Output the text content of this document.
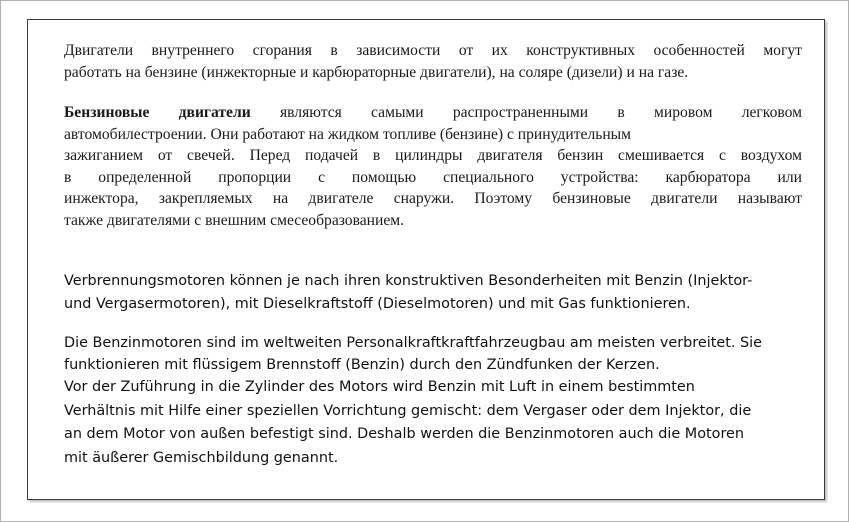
Двигатели внутреннего сгорания в зависимости от их конструктивных особенностей могут
работать на бензине (инжекторные и карбюраторные двигатели), на соляре (дизели) и на газе.
Бензиновые двигатели являются самыми распространенными в мировом легковом
автомобилестроении. Они работают на жидком топливе (бензине) с принудительным
зажиганием от свечей. Перед подачей в цилиндры двигателя бензин смешивается с воздухом
в определенной пропорции с помощью специального устройства: карбюратора или
инжектора, закрепляемых на двигателе снаружи. Поэтому бензиновые двигатели называют
также двигателями с внешним смесеобразованием.
Verbrennungsmotoren können je nach ihren konstruktiven Besonderheiten mit Benzin (Injektor-
und Vergasermotoren), mit Dieselkraftstoff (Dieselmotoren) und mit Gas funktionieren.
Die Benzinmotoren sind im weltweiten Personalkraftkraftfahrzeugbau am meisten verbreitet. Sie
funktionieren mit flüssigem Brennstoff (Benzin) durch den Zündfunken der Kerzen.
Vor der Zuführung in die Zylinder des Motors wird Benzin mit Luft in einem bestimmten
Verhältnis mit Hilfe einer speziellen Vorrichtung gemischt: dem Vergaser oder dem Injektor, die
an dem Motor von außen befestigt sind. Deshalb werden die Benzinmotoren auch die Motoren
mit äußerer Gemischbildung genannt.
